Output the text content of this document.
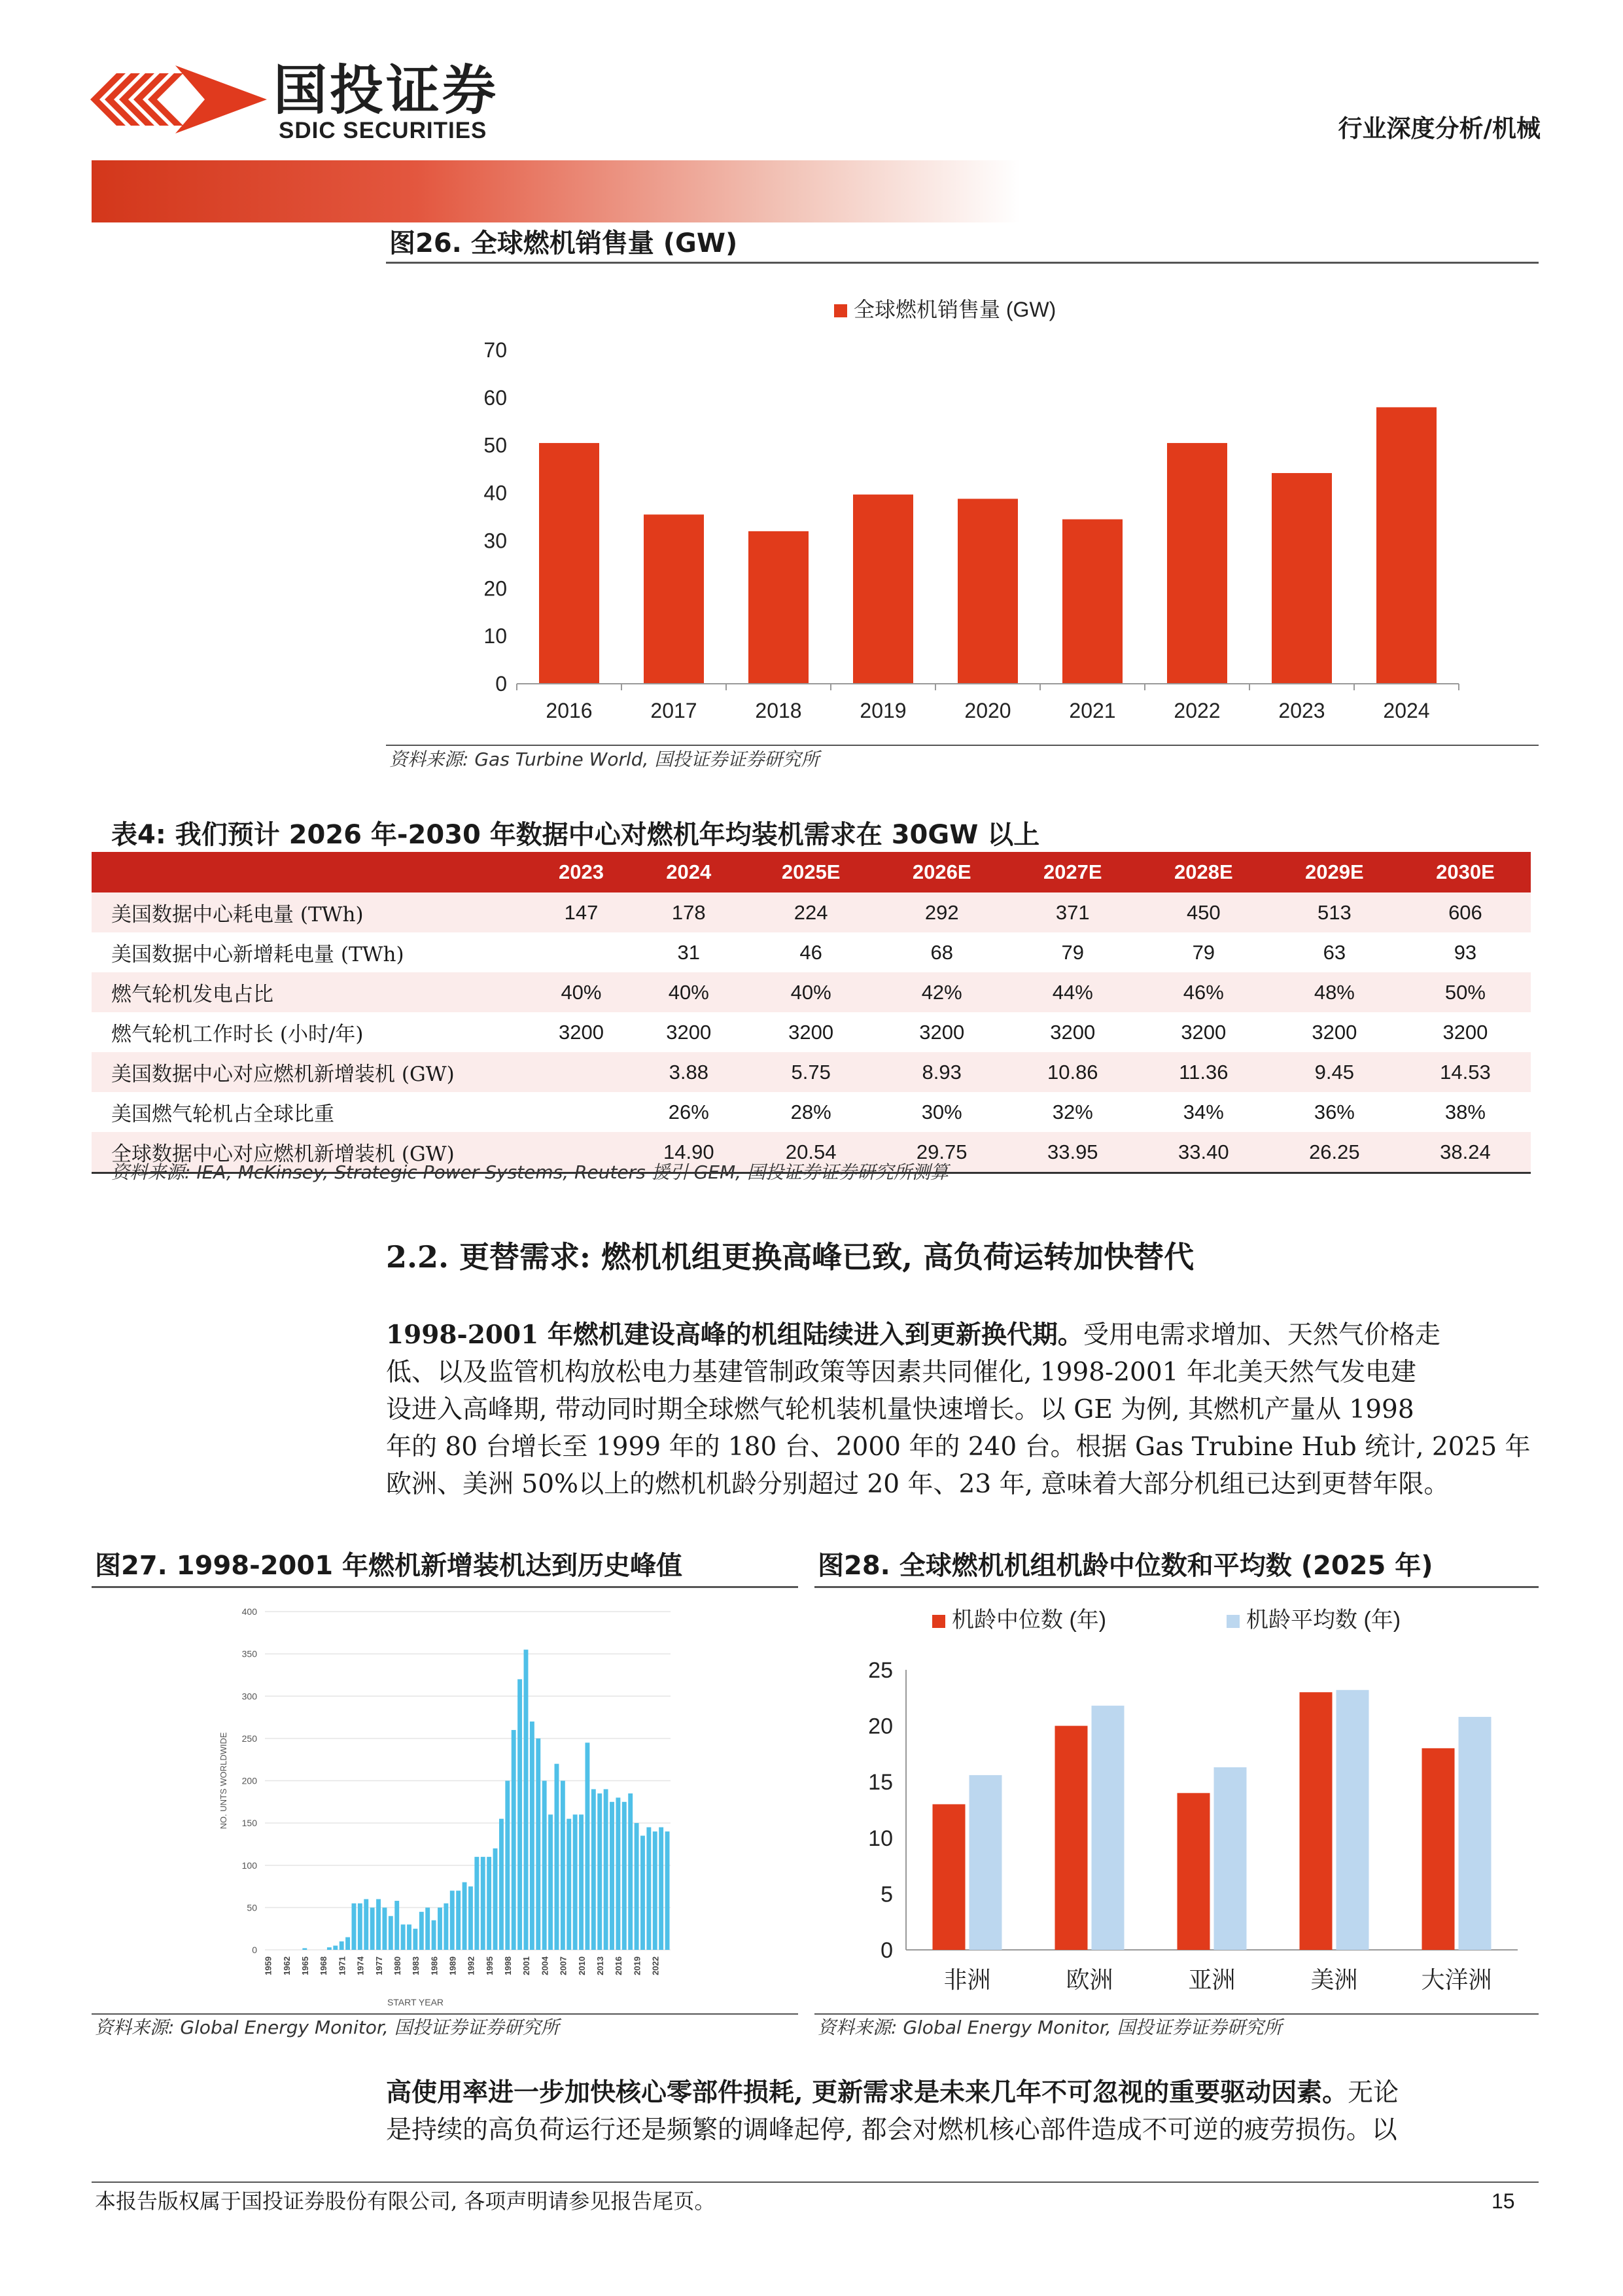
国投证券
SDIC SECURITIES	行业深度分析/机械
图26. 全球燃机销售量 (GW)
全球燃机销售量 (GW)
0
10
20
30
40
50
60
70
2016	2017	2018	2019	2020	2021	2022	2023	2024
资料来源: Gas Turbine World, 国投证券证券研究所
表4: 我们预计 2026 年-2030 年数据中心对燃机年均装机需求在 30GW 以上
	2023	2024	2025E	2026E	2027E	2028E	2029E	2030E
美国数据中心耗电量 (TWh)	147	178	224	292	371	450	513	606
美国数据中心新增耗电量 (TWh)		31	46	68	79	79	63	93
燃气轮机发电占比	40%	40%	40%	42%	44%	46%	48%	50%
燃气轮机工作时长 (小时/年)	3200	3200	3200	3200	3200	3200	3200	3200
美国数据中心对应燃机新增装机 (GW)		3.88	5.75	8.93	10.86	11.36	9.45	14.53
美国燃气轮机占全球比重		26%	28%	30%	32%	34%	36%	38%
全球数据中心对应燃机新增装机 (GW)		14.90	20.54	29.75	33.95	33.40	26.25	38.24
资料来源: IEA, McKinsey, Strategic Power Systems, Reuters 援引 GEM, 国投证券证券研究所测算
2.2. 更替需求: 燃机机组更换高峰已致, 高负荷运转加快替代
1998-2001 年燃机建设高峰的机组陆续进入到更新换代期。受用电需求增加、天然气价格走
低、以及监管机构放松电力基建管制政策等因素共同催化, 1998-2001 年北美天然气发电建
设进入高峰期, 带动同时期全球燃气轮机装机量快速增长。以 GE 为例, 其燃机产量从 1998
年的 80 台增长至 1999 年的 180 台、2000 年的 240 台。根据 Gas Trubine Hub 统计, 2025 年
欧洲、美洲 50%以上的燃机机龄分别超过 20 年、23 年, 意味着大部分机组已达到更替年限。
图27. 1998-2001 年燃机新增装机达到历史峰值
0
50
100
150
200
250
300
350
400
1959 1962 1965 1968 1971 1974 1977 1980 1983 1986 1989 1992 1995 1998 2001 2004 2007 2010 2013 2016 2019 2022
NO. UNTS WORLDWIDE
START YEAR
资料来源: Global Energy Monitor, 国投证券证券研究所
图28. 全球燃机机组机龄中位数和平均数 (2025 年)
机龄中位数 (年)	机龄平均数 (年)
0
5
10
15
20
25
非洲	欧洲	亚洲	美洲	大洋洲
资料来源: Global Energy Monitor, 国投证券证券研究所
高使用率进一步加快核心零部件损耗, 更新需求是未来几年不可忽视的重要驱动因素。无论
是持续的高负荷运行还是频繁的调峰起停, 都会对燃机核心部件造成不可逆的疲劳损伤。以
本报告版权属于国投证券股份有限公司, 各项声明请参见报告尾页。	15
